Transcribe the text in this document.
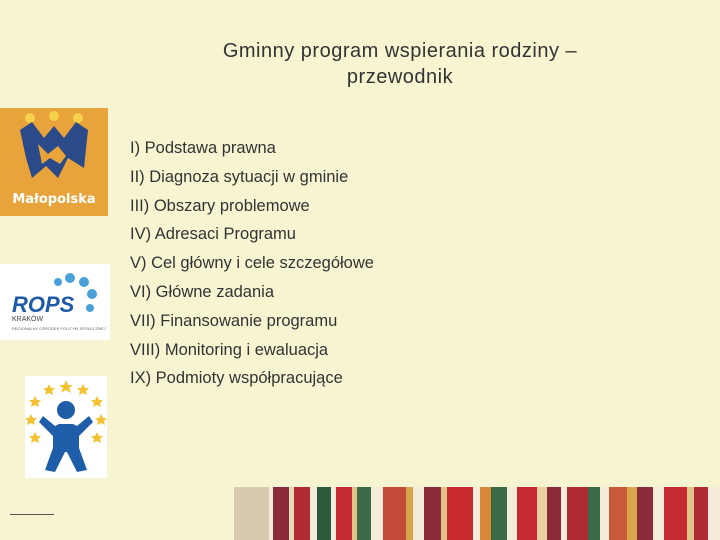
Gminny program wspierania rodziny –
przewodnik
I) Podstawa prawna
II) Diagnoza sytuacji w gminie
III) Obszary problemowe
IV) Adresaci Programu
V) Cel główny i cele szczegółowe
VI) Główne zadania
VII) Finansowanie programu
VIII) Monitoring i ewaluacja
IX) Podmioty współpracujące
Małopolska
ROPS
KRAKÓW
REGIONALNY OŚRODEK POLITYKI SPOŁECZNEJ
